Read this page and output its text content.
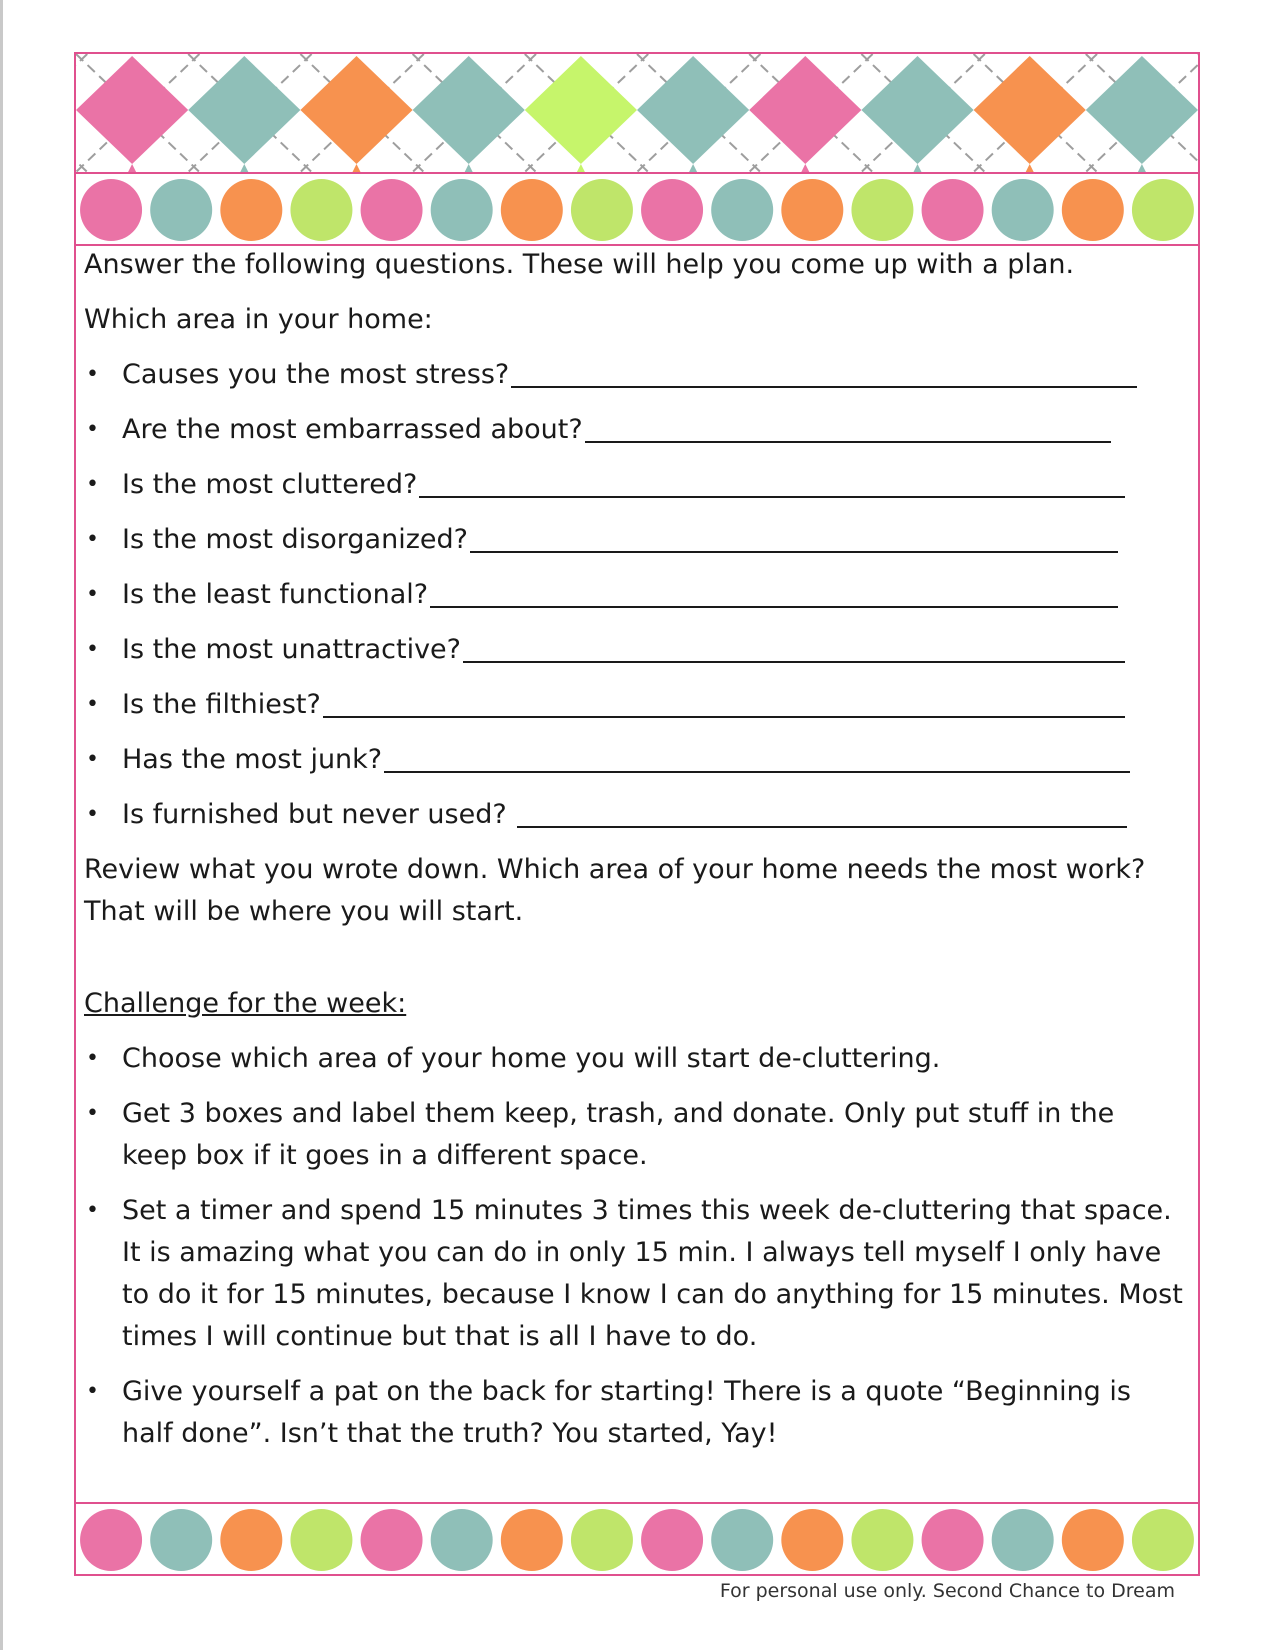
Answer the following questions. These will help you come up with a plan.

Which area in your home:

• Causes you the most stress?
• Are the most embarrassed about?
• Is the most cluttered?
• Is the most disorganized?
• Is the least functional?
• Is the most unattractive?
• Is the filthiest?
• Has the most junk?
• Is furnished but never used?

Review what you wrote down. Which area of your home needs the most work? That will be where you will start.

Challenge for the week:

• Choose which area of your home you will start de-cluttering.
• Get 3 boxes and label them keep, trash, and donate. Only put stuff in the keep box if it goes in a different space.
• Set a timer and spend 15 minutes 3 times this week de-cluttering that space. It is amazing what you can do in only 15 min. I always tell myself I only have to do it for 15 minutes, because I know I can do anything for 15 minutes. Most times I will continue but that is all I have to do.
• Give yourself a pat on the back for starting! There is a quote “Beginning is half done”. Isn’t that the truth? You started, Yay!
For personal use only. Second Chance to Dream
